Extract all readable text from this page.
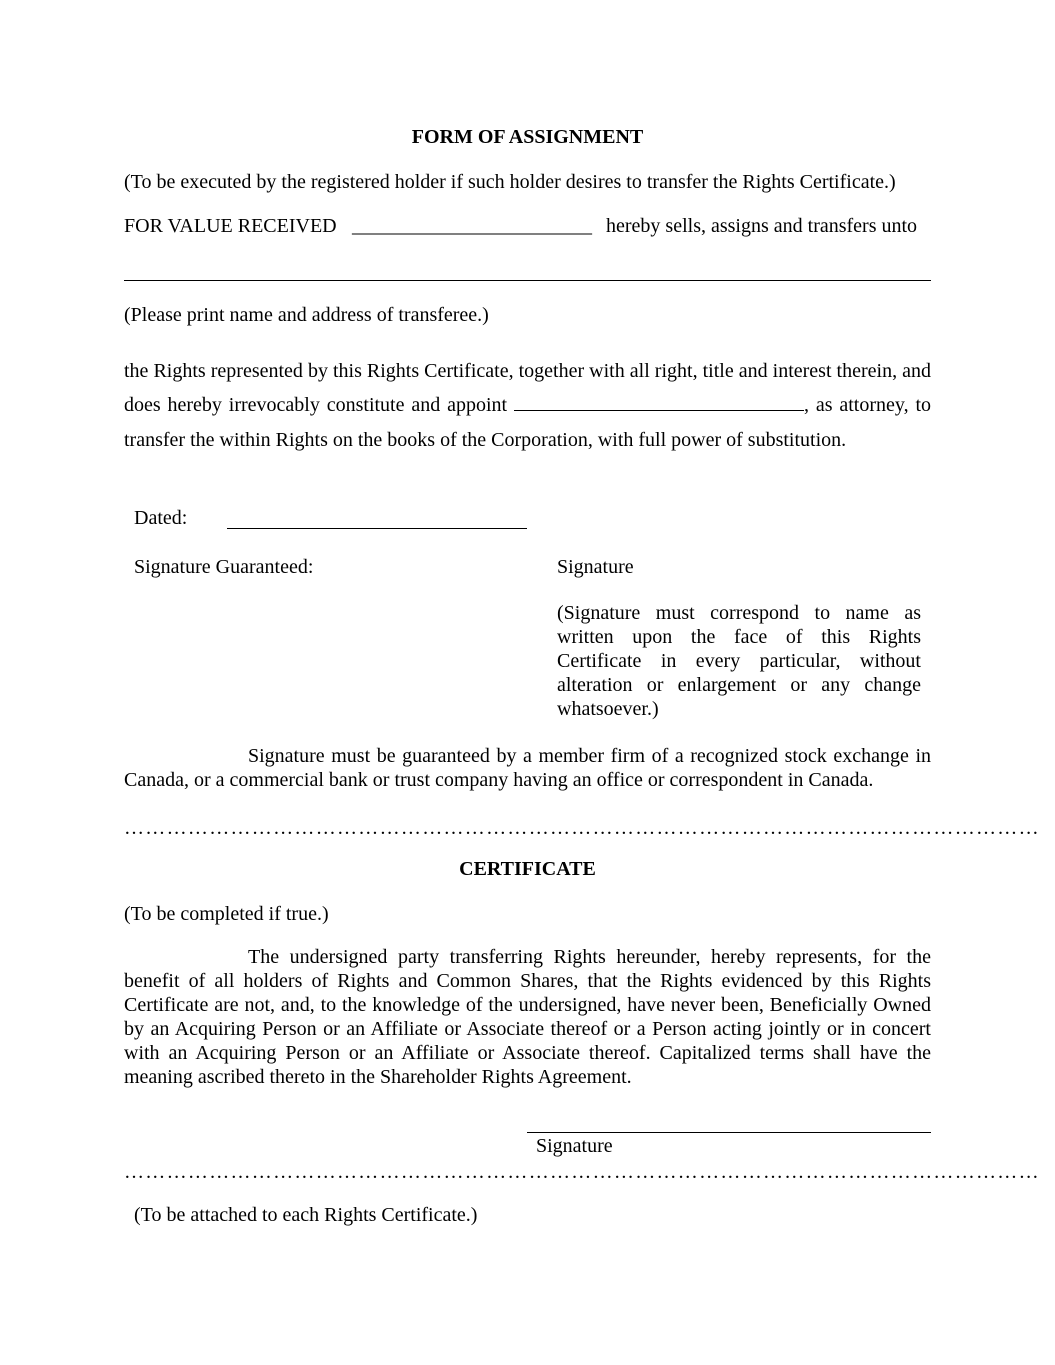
FORM OF ASSIGNMENT
(To be executed by the registered holder if such holder desires to transfer the Rights Certificate.)
FOR VALUE RECEIVED ________________________ hereby sells, assigns and transfers unto
(Please print name and address of transferee.)
the Rights represented by this Rights Certificate, together with all right, title and interest therein, and does hereby irrevocably constitute and appoint	, as attorney, to transfer the within Rights on the books of the Corporation, with full power of substitution.
Dated:
Signature Guaranteed:	Signature
(Signature must correspond to name as written upon the face of this Rights Certificate in every particular, without alteration or enlargement or any change whatsoever.)
Signature must be guaranteed by a member firm of a recognized stock exchange in Canada, or a commercial bank or trust company having an office or correspondent in Canada.
…………………………………………………………………………………………………………………
CERTIFICATE
(To be completed if true.)
The undersigned party transferring Rights hereunder, hereby represents, for the benefit of all holders of Rights and Common Shares, that the Rights evidenced by this Rights Certificate are not, and, to the knowledge of the undersigned, have never been, Beneficially Owned by an Acquiring Person or an Affiliate or Associate thereof or a Person acting jointly or in concert with an Acquiring Person or an Affiliate or Associate thereof. Capitalized terms shall have the meaning ascribed thereto in the Shareholder Rights Agreement.
Signature
…………………………………………………………………………………………………………………
(To be attached to each Rights Certificate.)
